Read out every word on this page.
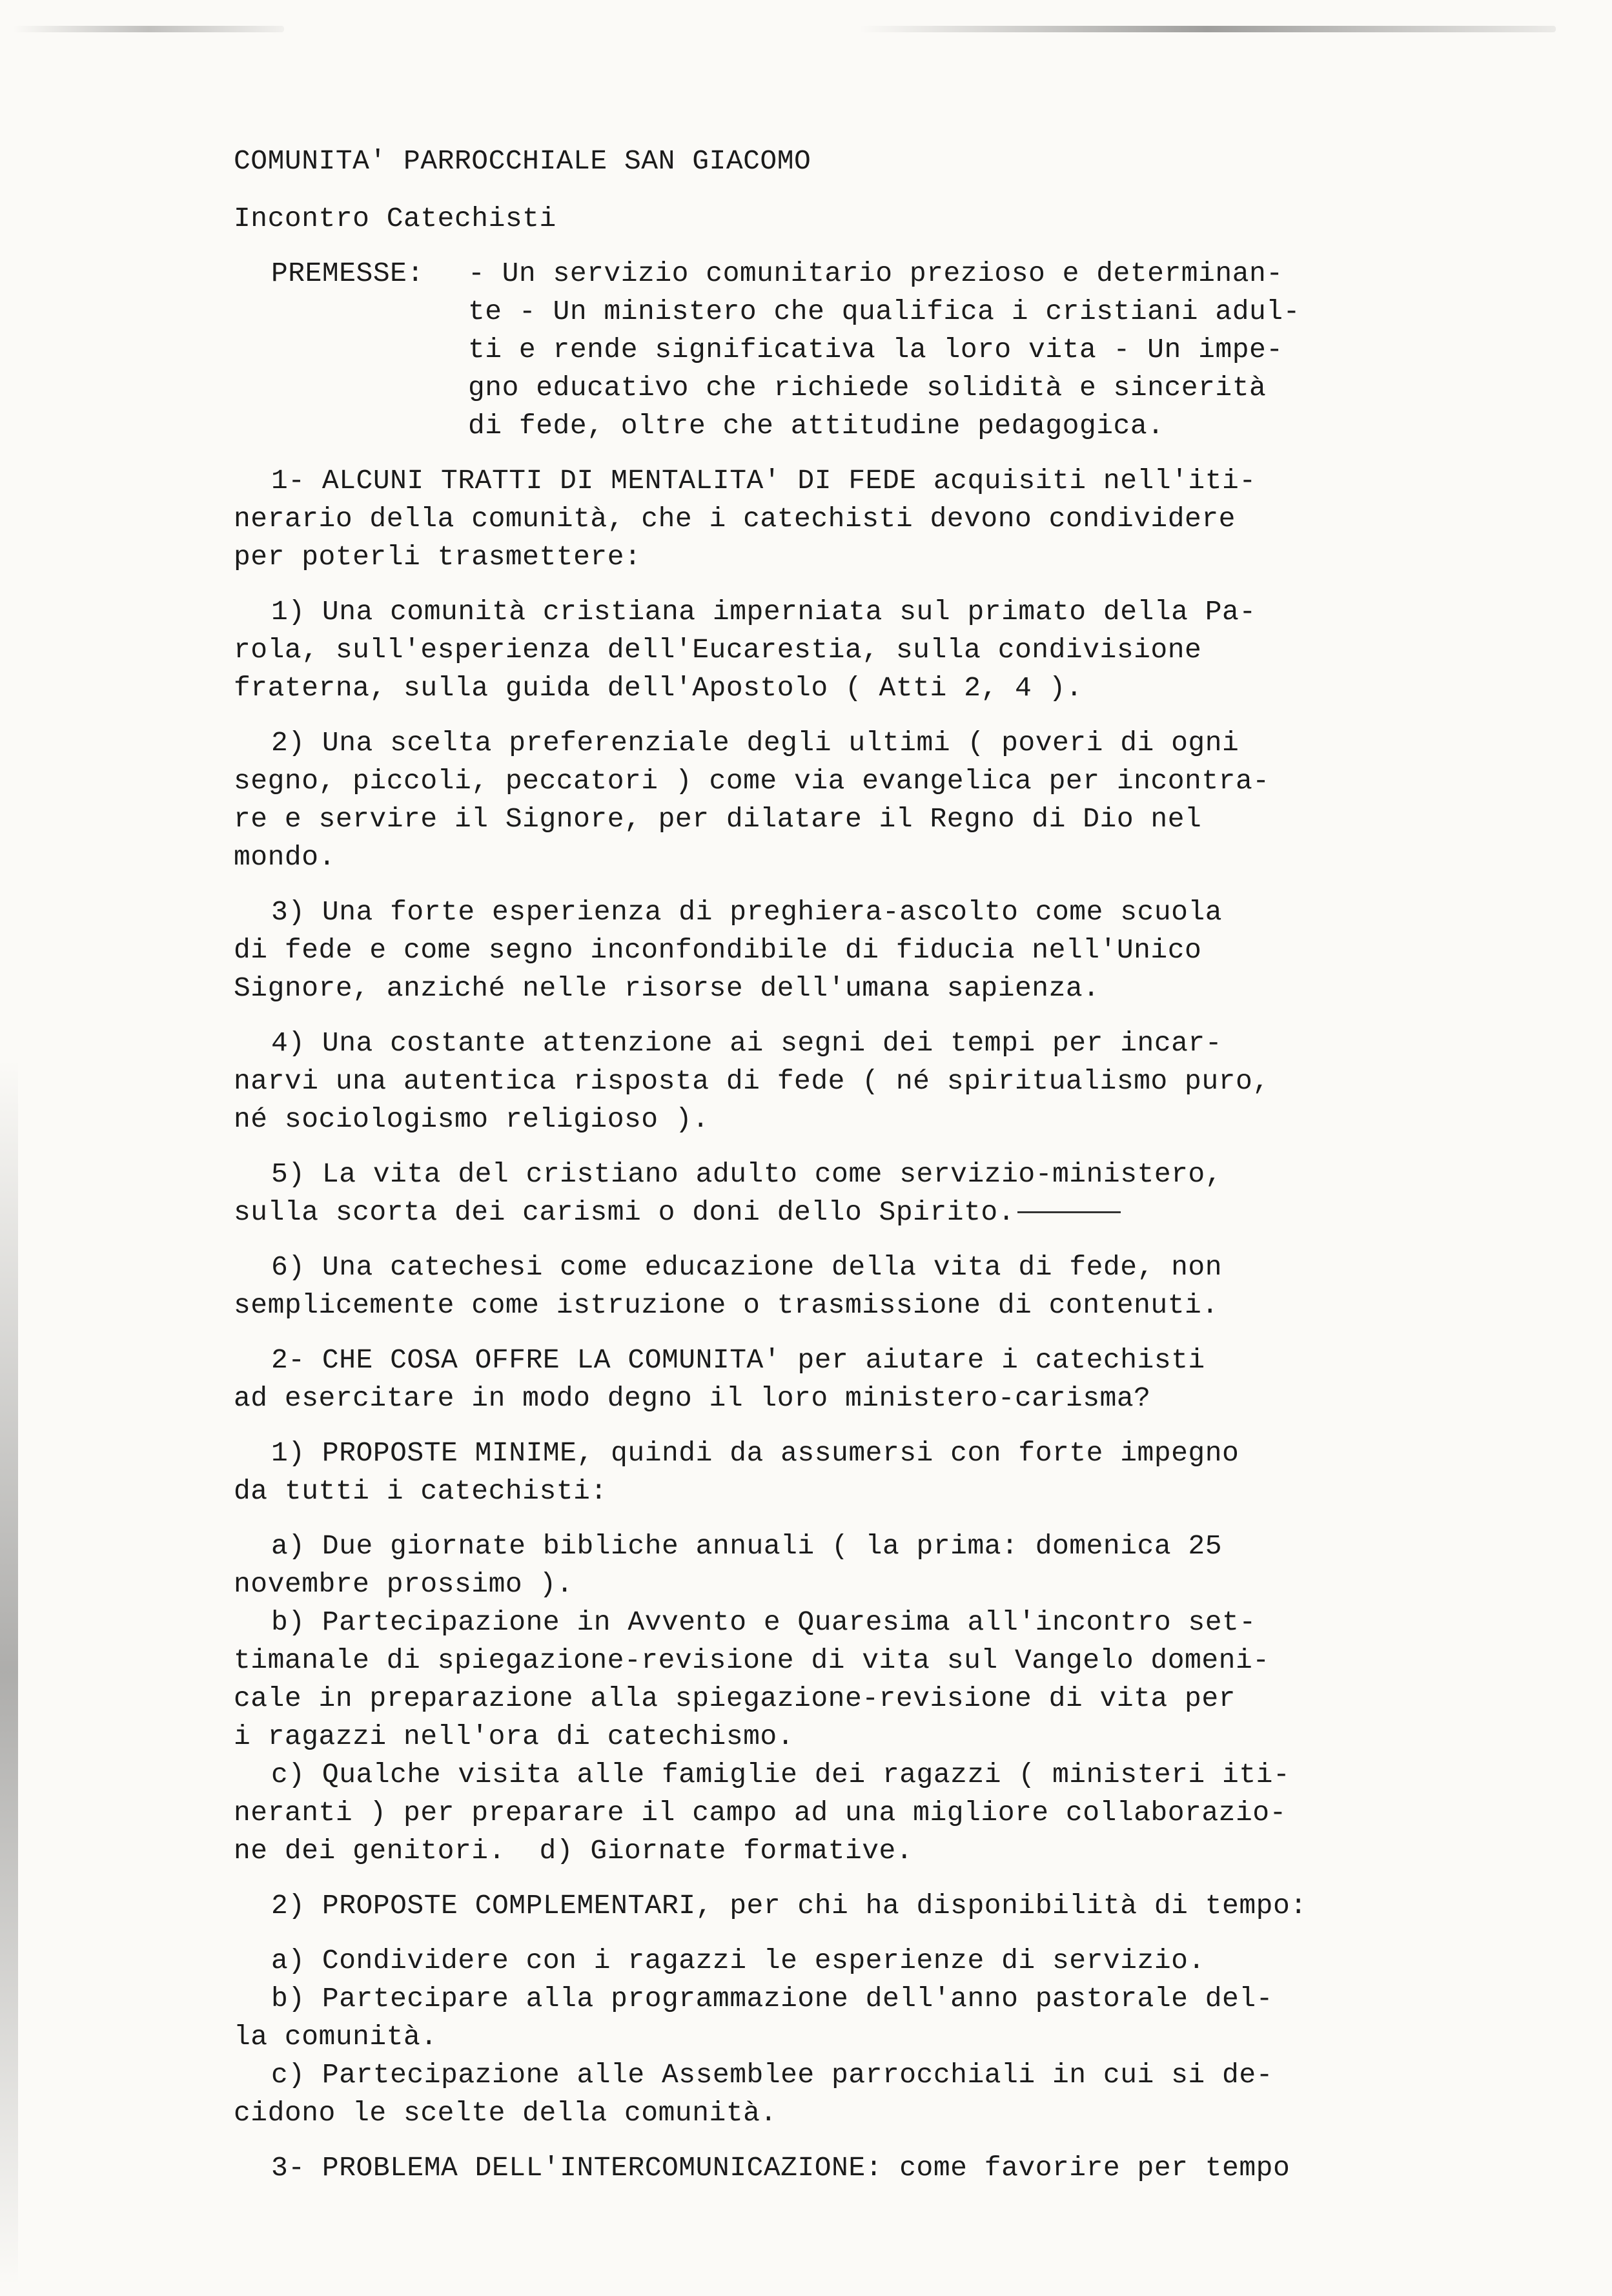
COMUNITA' PARROCCHIALE SAN GIACOMO

Incontro Catechisti

PREMESSE:	- Un servizio comunitario prezioso e determinan-

te - Un ministero che qualifica i cristiani adul-

ti e rende significativa la loro vita - Un impe-

gno educativo che richiede solidità e sincerità

di fede, oltre che attitudine pedagogica.

1- ALCUNI TRATTI DI MENTALITA' DI FEDE acquisiti nell'iti-

nerario della comunità, che i catechisti devono condividere

per poterli trasmettere:

1) Una comunità cristiana imperniata sul primato della Pa-

rola, sull'esperienza dell'Eucarestia, sulla condivisione

fraterna, sulla guida dell'Apostolo ( Atti 2, 4 ).

2) Una scelta preferenziale degli ultimi ( poveri di ogni

segno, piccoli, peccatori ) come via evangelica per incontra-

re e servire il Signore, per dilatare il Regno di Dio nel

mondo.

3) Una forte esperienza di preghiera-ascolto come scuola

di fede e come segno inconfondibile di fiducia nell'Unico

Signore, anziché nelle risorse dell'umana sapienza.

4) Una costante attenzione ai segni dei tempi per incar-

narvi una autentica risposta di fede ( né spiritualismo puro,

né sociologismo religioso ).

5) La vita del cristiano adulto come servizio-ministero,

sulla scorta dei carismi o doni dello Spirito.

6) Una catechesi come educazione della vita di fede, non

semplicemente come istruzione o trasmissione di contenuti.

2- CHE COSA OFFRE LA COMUNITA' per aiutare i catechisti

ad esercitare in modo degno il loro ministero-carisma?

1) PROPOSTE MINIME, quindi da assumersi con forte impegno

da tutti i catechisti:

a) Due giornate bibliche annuali ( la prima: domenica 25

novembre prossimo ).

b) Partecipazione in Avvento e Quaresima all'incontro set-

timanale di spiegazione-revisione di vita sul Vangelo domeni-

cale in preparazione alla spiegazione-revisione di vita per

i ragazzi nell'ora di catechismo.

c) Qualche visita alle famiglie dei ragazzi ( ministeri iti-

neranti ) per preparare il campo ad una migliore collaborazio-

ne dei genitori.  d) Giornate formative.

2) PROPOSTE COMPLEMENTARI, per chi ha disponibilità di tempo:

a) Condividere con i ragazzi le esperienze di servizio.

b) Partecipare alla programmazione dell'anno pastorale del-

la comunità.

c) Partecipazione alle Assemblee parrocchiali in cui si de-

cidono le scelte della comunità.

3- PROBLEMA DELL'INTERCOMUNICAZIONE: come favorire per tempo
